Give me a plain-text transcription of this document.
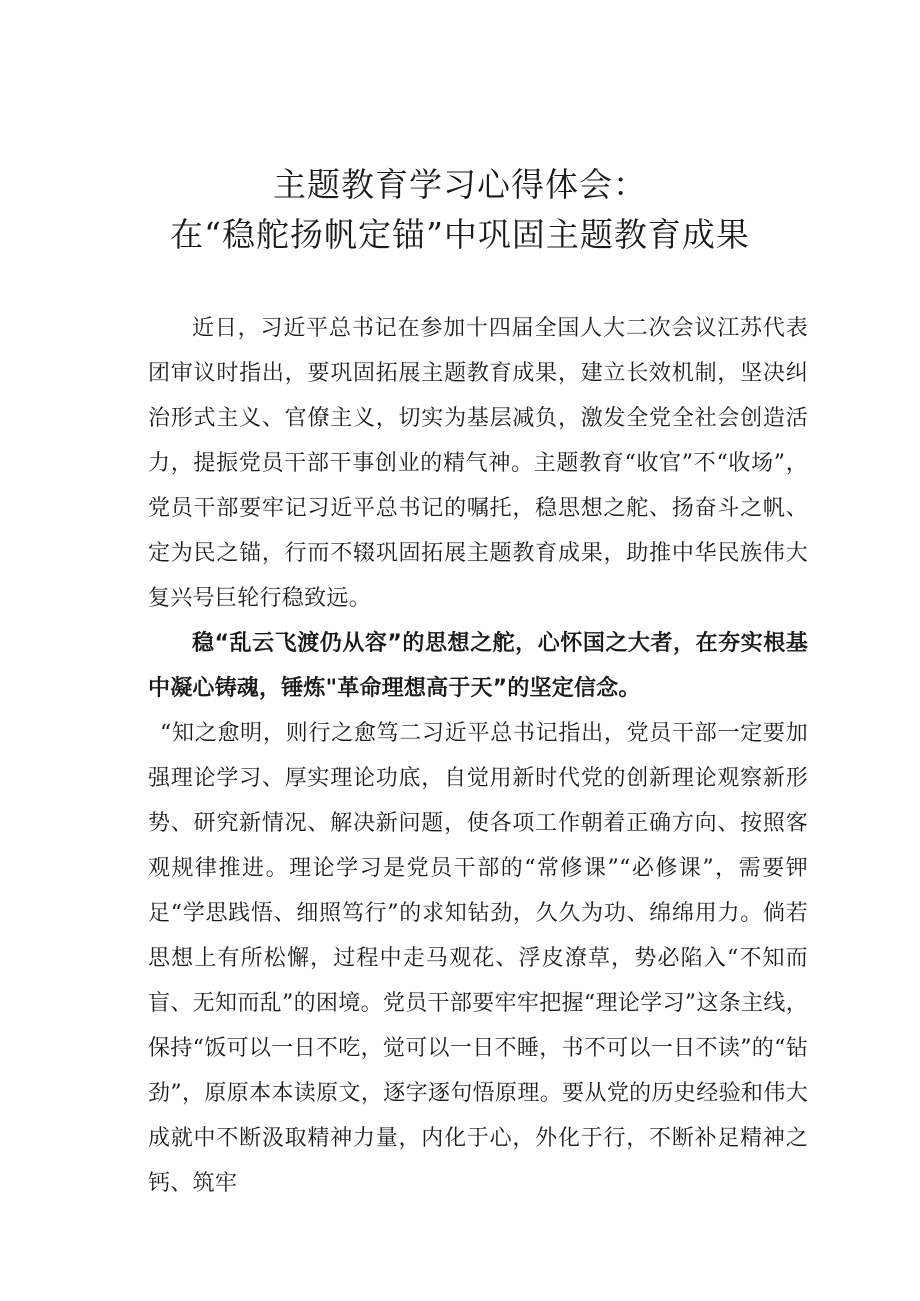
主题教育学习心得体会：
在“稳舵扬帆定锚”中巩固主题教育成果

近日，习近平总书记在参加十四届全国人大二次会议江苏代表团审议时指出，要巩固拓展主题教育成果，建立长效机制，坚决纠治形式主义、官僚主义，切实为基层减负，激发全党全社会创造活力，提振党员干部干事创业的精气神。主题教育“收官”不“收场”，党员干部要牢记习近平总书记的嘱托，稳思想之舵、扬奋斗之帆、定为民之锚，行而不辍巩固拓展主题教育成果，助推中华民族伟大复兴号巨轮行稳致远。

稳“乱云飞渡仍从容”的思想之舵，心怀国之大者，在夯实根基中凝心铸魂，锤炼"革命理想高于天”的坚定信念。

“知之愈明，则行之愈笃二习近平总书记指出，党员干部一定要加强理论学习、厚实理论功底，自觉用新时代党的创新理论观察新形势、研究新情况、解决新问题，使各项工作朝着正确方向、按照客观规律推进。理论学习是党员干部的“常修课”“必修课”，需要钾足“学思践悟、细照笃行”的求知钻劲，久久为功、绵绵用力。倘若思想上有所松懈，过程中走马观花、浮皮潦草，势必陷入“不知而盲、无知而乱”的困境。党员干部要牢牢把握“理论学习”这条主线，保持“饭可以一日不吃，觉可以一日不睡，书不可以一日不读”的“钻劲”，原原本本读原文，逐字逐句悟原理。要从党的历史经验和伟大成就中不断汲取精神力量，内化于心，外化于行，不断补足精神之钙、筑牢
